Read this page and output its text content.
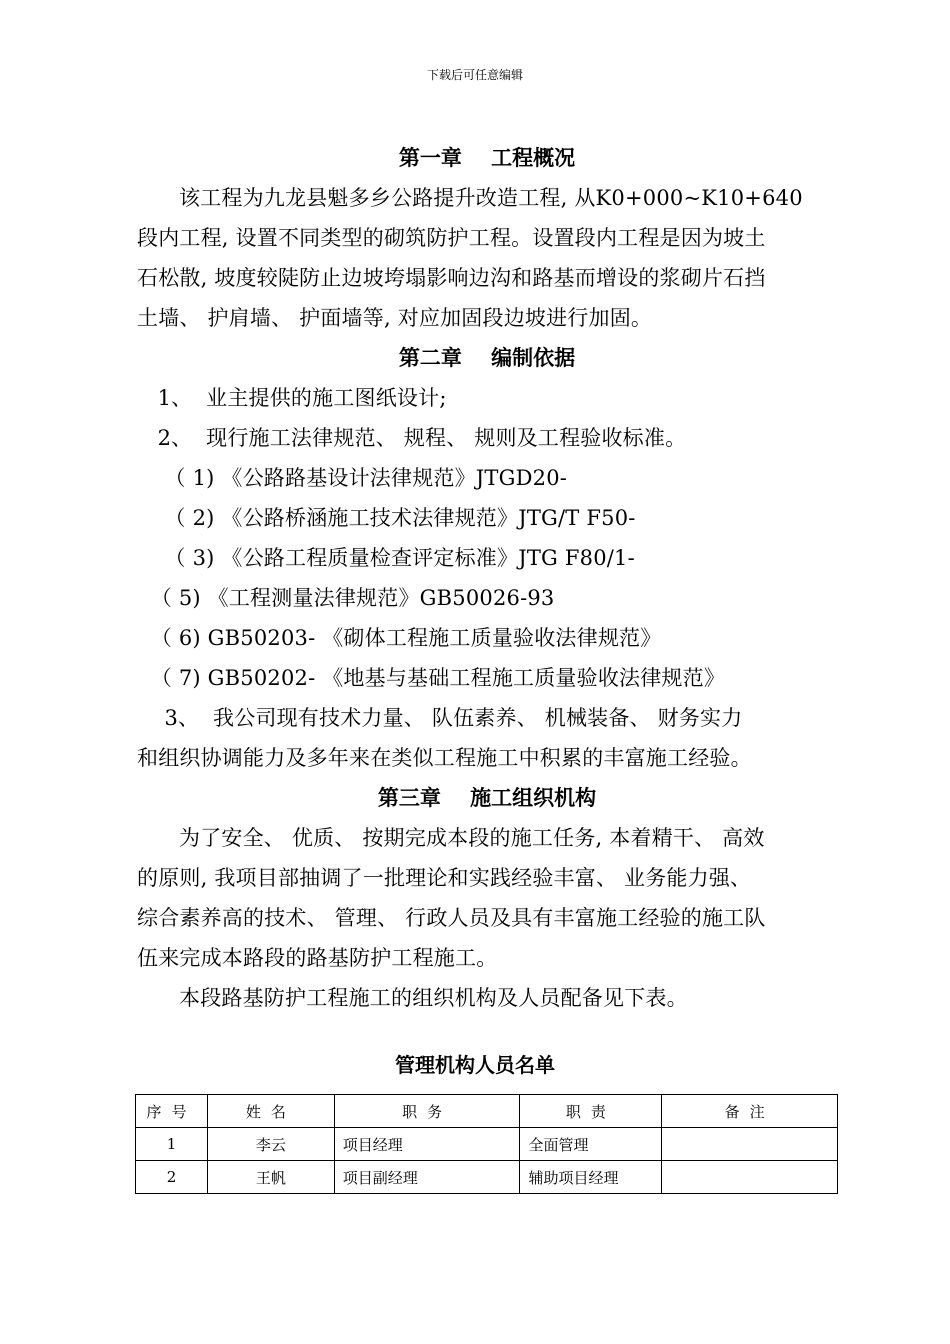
下载后可任意编辑
第一章    工程概况
该工程为九龙县魁多乡公路提升改造工程, 从K0+000~K10+640
段内工程, 设置不同类型的砌筑防护工程。设置段内工程是因为坡土
石松散, 坡度较陡防止边坡垮塌影响边沟和路基而增设的浆砌片石挡
土墙、 护肩墙、 护面墙等, 对应加固段边坡进行加固。
第二章    编制依据
1、  业主提供的施工图纸设计;
2、  现行施工法律规范、 规程、 规则及工程验收标准。
（ 1) 《公路路基设计法律规范》JTGD20-
（ 2) 《公路桥涵施工技术法律规范》JTG/T F50-
（ 3) 《公路工程质量检查评定标准》JTG F80/1-
（ 5) 《工程测量法律规范》GB50026-93
（ 6) GB50203- 《砌体工程施工质量验收法律规范》
（ 7) GB50202- 《地基与基础工程施工质量验收法律规范》
3、  我公司现有技术力量、 队伍素养、 机械装备、 财务实力
和组织协调能力及多年来在类似工程施工中积累的丰富施工经验。
第三章    施工组织机构
为了安全、 优质、 按期完成本段的施工任务, 本着精干、 高效
的原则, 我项目部抽调了一批理论和实践经验丰富、 业务能力强、
综合素养高的技术、 管理、 行政人员及具有丰富施工经验的施工队
伍来完成本路段的路基防护工程施工。
本段路基防护工程施工的组织机构及人员配备见下表。
管理机构人员名单
序号	姓名	职务	职责	备注
1	李云	项目经理	全面管理	
2	王帆	项目副经理	辅助项目经理	
